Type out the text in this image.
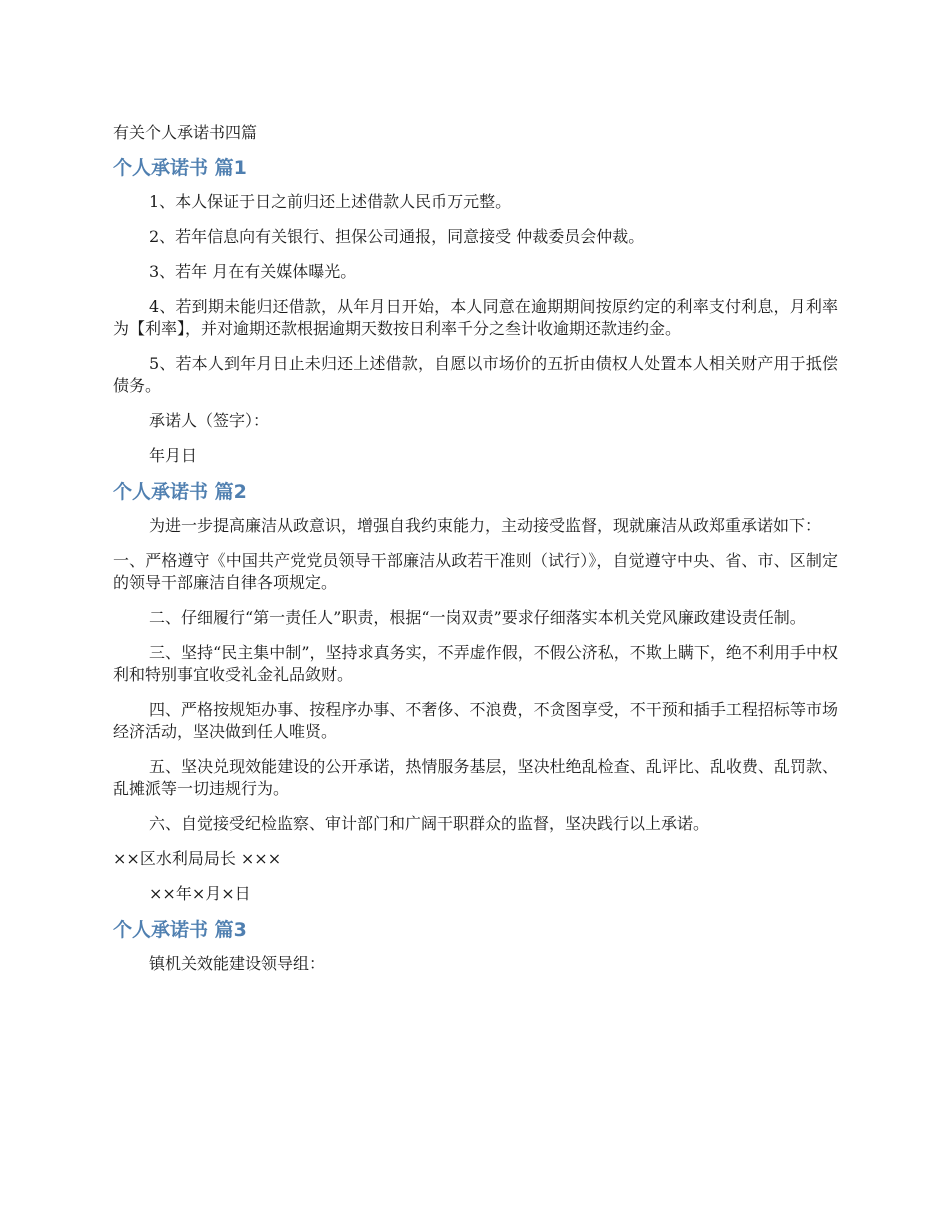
有关个人承诺书四篇

个人承诺书 篇1

1、本人保证于日之前归还上述借款人民币万元整。

2、若年信息向有关银行、担保公司通报，同意接受 仲裁委员会仲裁。

3、若年 月在有关媒体曝光。

4、若到期未能归还借款，从年月日开始，本人同意在逾期期间按原约定的利率支付利息，月利率为【利率】，并对逾期还款根据逾期天数按日利率千分之叁计收逾期还款违约金。

5、若本人到年月日止未归还上述借款，自愿以市场价的五折由债权人处置本人相关财产用于抵偿债务。

承诺人（签字）：

年月日

个人承诺书 篇2

为进一步提高廉洁从政意识，增强自我约束能力，主动接受监督，现就廉洁从政郑重承诺如下：

一、严格遵守《中国共产党党员领导干部廉洁从政若干准则（试行）》，自觉遵守中央、省、市、区制定的领导干部廉洁自律各项规定。

二、仔细履行“第一责任人”职责，根据“一岗双责”要求仔细落实本机关党风廉政建设责任制。

三、坚持“民主集中制”，坚持求真务实，不弄虚作假，不假公济私，不欺上瞒下，绝不利用手中权利和特别事宜收受礼金礼品敛财。

四、严格按规矩办事、按程序办事、不奢侈、不浪费，不贪图享受，不干预和插手工程招标等市场经济活动，坚决做到任人唯贤。

五、坚决兑现效能建设的公开承诺，热情服务基层，坚决杜绝乱检查、乱评比、乱收费、乱罚款、乱摊派等一切违规行为。

六、自觉接受纪检监察、审计部门和广阔干职群众的监督，坚决践行以上承诺。

××区水利局局长 ×××

××年×月×日

个人承诺书 篇3

镇机关效能建设领导组：
